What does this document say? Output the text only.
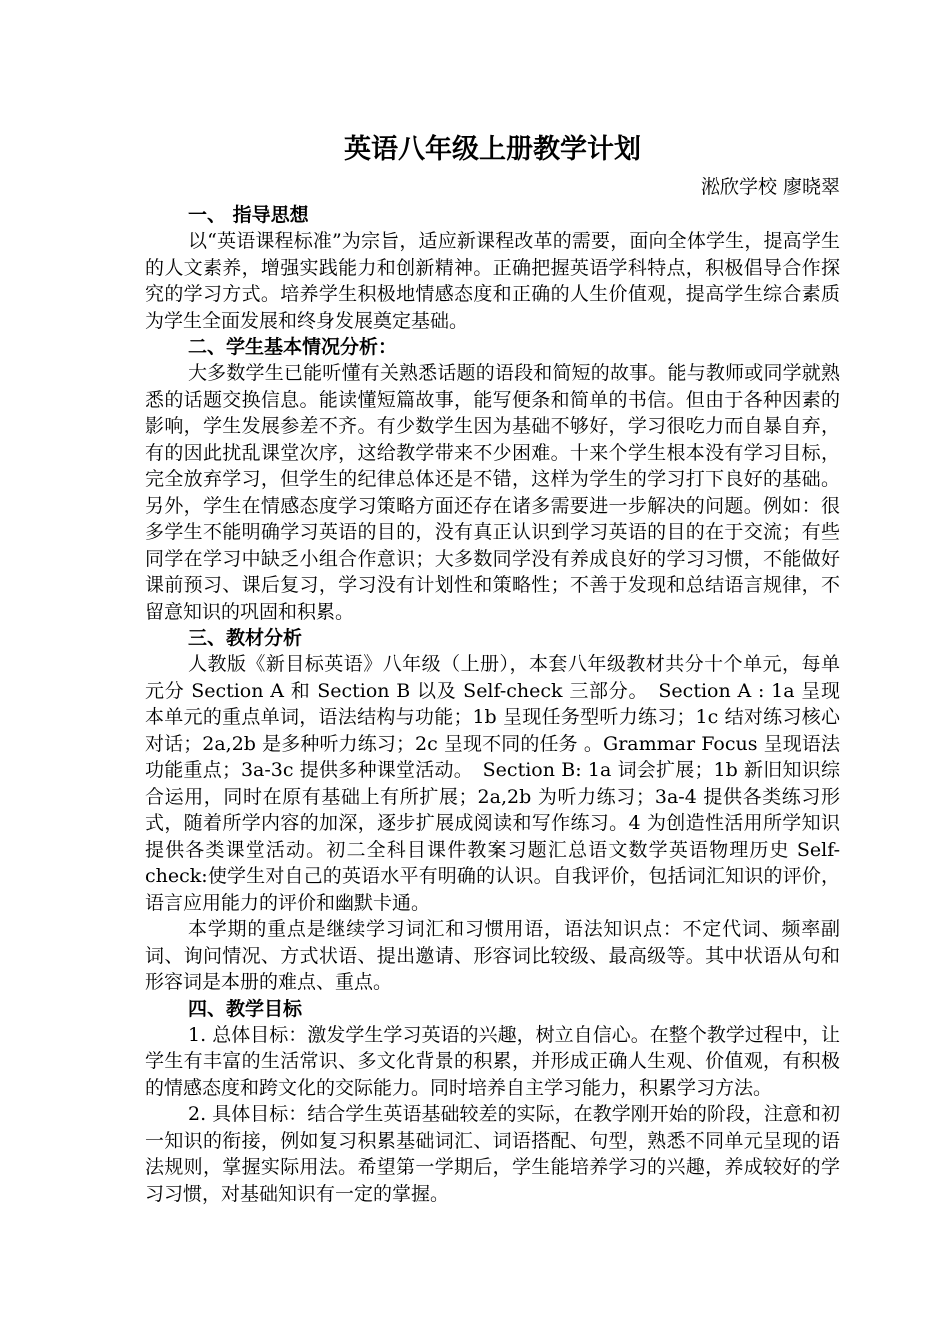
英语八年级上册教学计划

淞欣学校 廖晓翠

一、 指导思想

以“英语课程标准”为宗旨，适应新课程改革的需要，面向全体学生，提高学生的人文素养，增强实践能力和创新精神。正确把握英语学科特点，积极倡导合作探究的学习方式。培养学生积极地情感态度和正确的人生价值观，提高学生综合素质为学生全面发展和终身发展奠定基础。

二、学生基本情况分析：

大多数学生已能听懂有关熟悉话题的语段和简短的故事。能与教师或同学就熟悉的话题交换信息。能读懂短篇故事，能写便条和简单的书信。但由于各种因素的影响，学生发展参差不齐。有少数学生因为基础不够好，学习很吃力而自暴自弃，有的因此扰乱课堂次序，这给教学带来不少困难。十来个学生根本没有学习目标，完全放弃学习，但学生的纪律总体还是不错，这样为学生的学习打下良好的基础。另外，学生在情感态度学习策略方面还存在诸多需要进一步解决的问题。例如：很多学生不能明确学习英语的目的，没有真正认识到学习英语的目的在于交流；有些同学在学习中缺乏小组合作意识；大多数同学没有养成良好的学习习惯，不能做好课前预习、课后复习，学习没有计划性和策略性；不善于发现和总结语言规律，不留意知识的巩固和积累。

三、教材分析

人教版《新目标英语》八年级（上册），本套八年级教材共分十个单元，每单元分 Section A 和 Section B 以及 Self-check 三部分。　Section A : 1a 呈现本单元的重点单词，语法结构与功能；1b 呈现任务型听力练习；1c 结对练习核心对话；2a,2b 是多种听力练习；2c 呈现不同的任务 。Grammar Focus 呈现语法功能重点；3a-3c 提供多种课堂活动。　Section B: 1a 词会扩展；1b 新旧知识综合运用，同时在原有基础上有所扩展；2a,2b 为听力练习；3a-4 提供各类练习形式，随着所学内容的加深，逐步扩展成阅读和写作练习。4 为创造性活用所学知识提供各类课堂活动。初二全科目课件教案习题汇总语文数学英语物理历史 Self-check:使学生对自己的英语水平有明确的认识。自我评价，包括词汇知识的评价，语言应用能力的评价和幽默卡通。

本学期的重点是继续学习词汇和习惯用语，语法知识点：不定代词、频率副词、询问情况、方式状语、提出邀请、形容词比较级、最高级等。其中状语从句和形容词是本册的难点、重点。

四、教学目标

1. 总体目标：激发学生学习英语的兴趣，树立自信心。在整个教学过程中，让学生有丰富的生活常识、多文化背景的积累，并形成正确人生观、价值观，有积极的情感态度和跨文化的交际能力。同时培养自主学习能力，积累学习方法。

2. 具体目标：结合学生英语基础较差的实际，在教学刚开始的阶段，注意和初一知识的衔接，例如复习积累基础词汇、词语搭配、句型，熟悉不同单元呈现的语法规则，掌握实际用法。希望第一学期后，学生能培养学习的兴趣，养成较好的学习习惯，对基础知识有一定的掌握。
